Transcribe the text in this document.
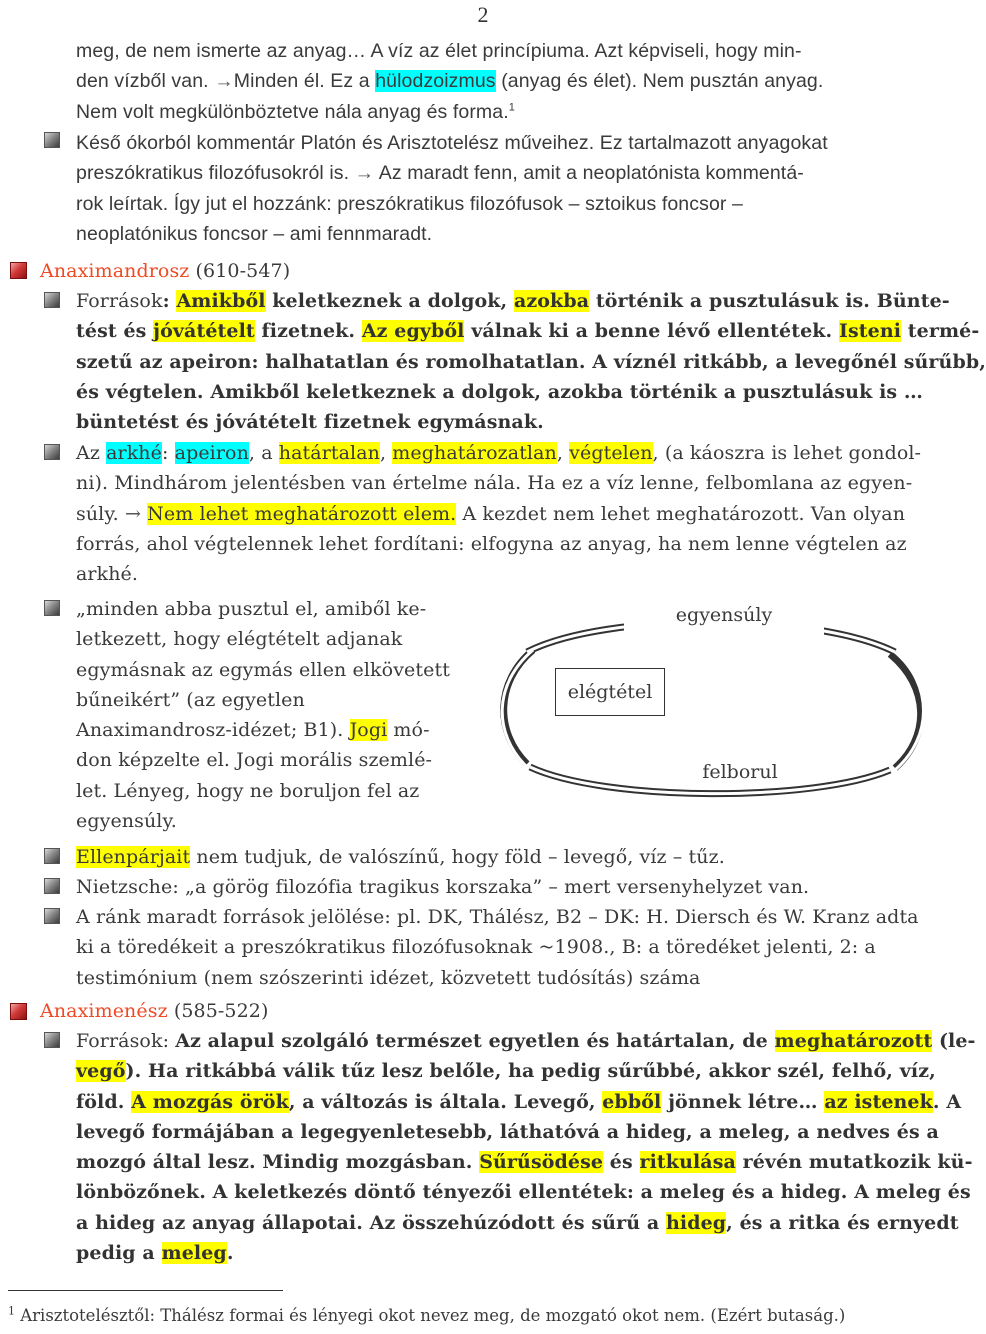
2
meg, de nem ismerte az anyag… A víz az élet princípiuma. Azt képviseli, hogy min-
den vízből van. →Minden él. Ez a hülodzoizmus (anyag és élet). Nem pusztán anyag.
Nem volt megkülönböztetve nála anyag és forma.$^1$
Késő ókorból kommentár Platón és Arisztotelész műveihez. Ez tartalmazott anyagokat
preszókratikus filozófusokról is. → Az maradt fenn, amit a neoplatónista kommentá-
rok leírtak. Így jut el hozzánk: preszókratikus filozófusok – sztoikus foncsor –
neoplatónikus foncsor – ami fennmaradt.
Anaximandrosz (610-547)
Források: Amikből keletkeznek a dolgok, azokba történik a pusztulásuk is. Bünte-
tést és jóvátételt fizetnek. Az egyből válnak ki a benne lévő ellentétek. Isteni termé-
szetű az apeiron: halhatatlan és romolhatatlan. A víznél ritkább, a levegőnél sűrűbb,
és végtelen. Amikből keletkeznek a dolgok, azokba történik a pusztulásuk is …
büntetést és jóvátételt fizetnek egymásnak.
Az arkhé: apeiron, a határtalan, meghatározatlan, végtelen, (a káoszra is lehet gondol-
ni). Mindhárom jelentésben van értelme nála. Ha ez a víz lenne, felbomlana az egyen-
súly. → Nem lehet meghatározott elem. A kezdet nem lehet meghatározott. Van olyan
forrás, ahol végtelennek lehet fordítani: elfogyna az anyag, ha nem lenne végtelen az
arkhé.
„minden abba pusztul el, amiből ke-
letkezett, hogy elégtételt adjanak
egymásnak az egymás ellen elkövetett
bűneikért” (az egyetlen
Anaximandrosz-idézet; B1). Jogi mó-
don képzelte el. Jogi morális szemlé-
let. Lényeg, hogy ne boruljon fel az
egyensúly.
egyensúly
elégtétel
felborul
Ellenpárjait nem tudjuk, de valószínű, hogy föld – levegő, víz – tűz.
Nietzsche: „a görög filozófia tragikus korszaka” – mert versenyhelyzet van.
A ránk maradt források jelölése: pl. DK, Thálész, B2 – DK: H. Diersch és W. Kranz adta
ki a töredékeit a preszókratikus filozófusoknak ~1908., B: a töredéket jelenti, 2: a
testimónium (nem szószerinti idézet, közvetett tudósítás) száma
Anaximenész (585-522)
Források: Az alapul szolgáló természet egyetlen és határtalan, de meghatározott (le-
vegő). Ha ritkábbá válik tűz lesz belőle, ha pedig sűrűbbé, akkor szél, felhő, víz,
föld. A mozgás örök, a változás is általa. Levegő, ebből jönnek létre… az istenek. A
levegő formájában a legegyenletesebb, láthatóvá a hideg, a meleg, a nedves és a
mozgó által lesz. Mindig mozgásban. Sűrűsödése és ritkulása révén mutatkozik kü-
lönbözőnek. A keletkezés döntő tényezői ellentétek: a meleg és a hideg. A meleg és
a hideg az anyag állapotai. Az összehúzódott és sűrű a hideg, és a ritka és ernyedt
pedig a meleg.
$^1$ Arisztotelésztől: Thálész formai és lényegi okot nevez meg, de mozgató okot nem. (Ezért butaság.)
